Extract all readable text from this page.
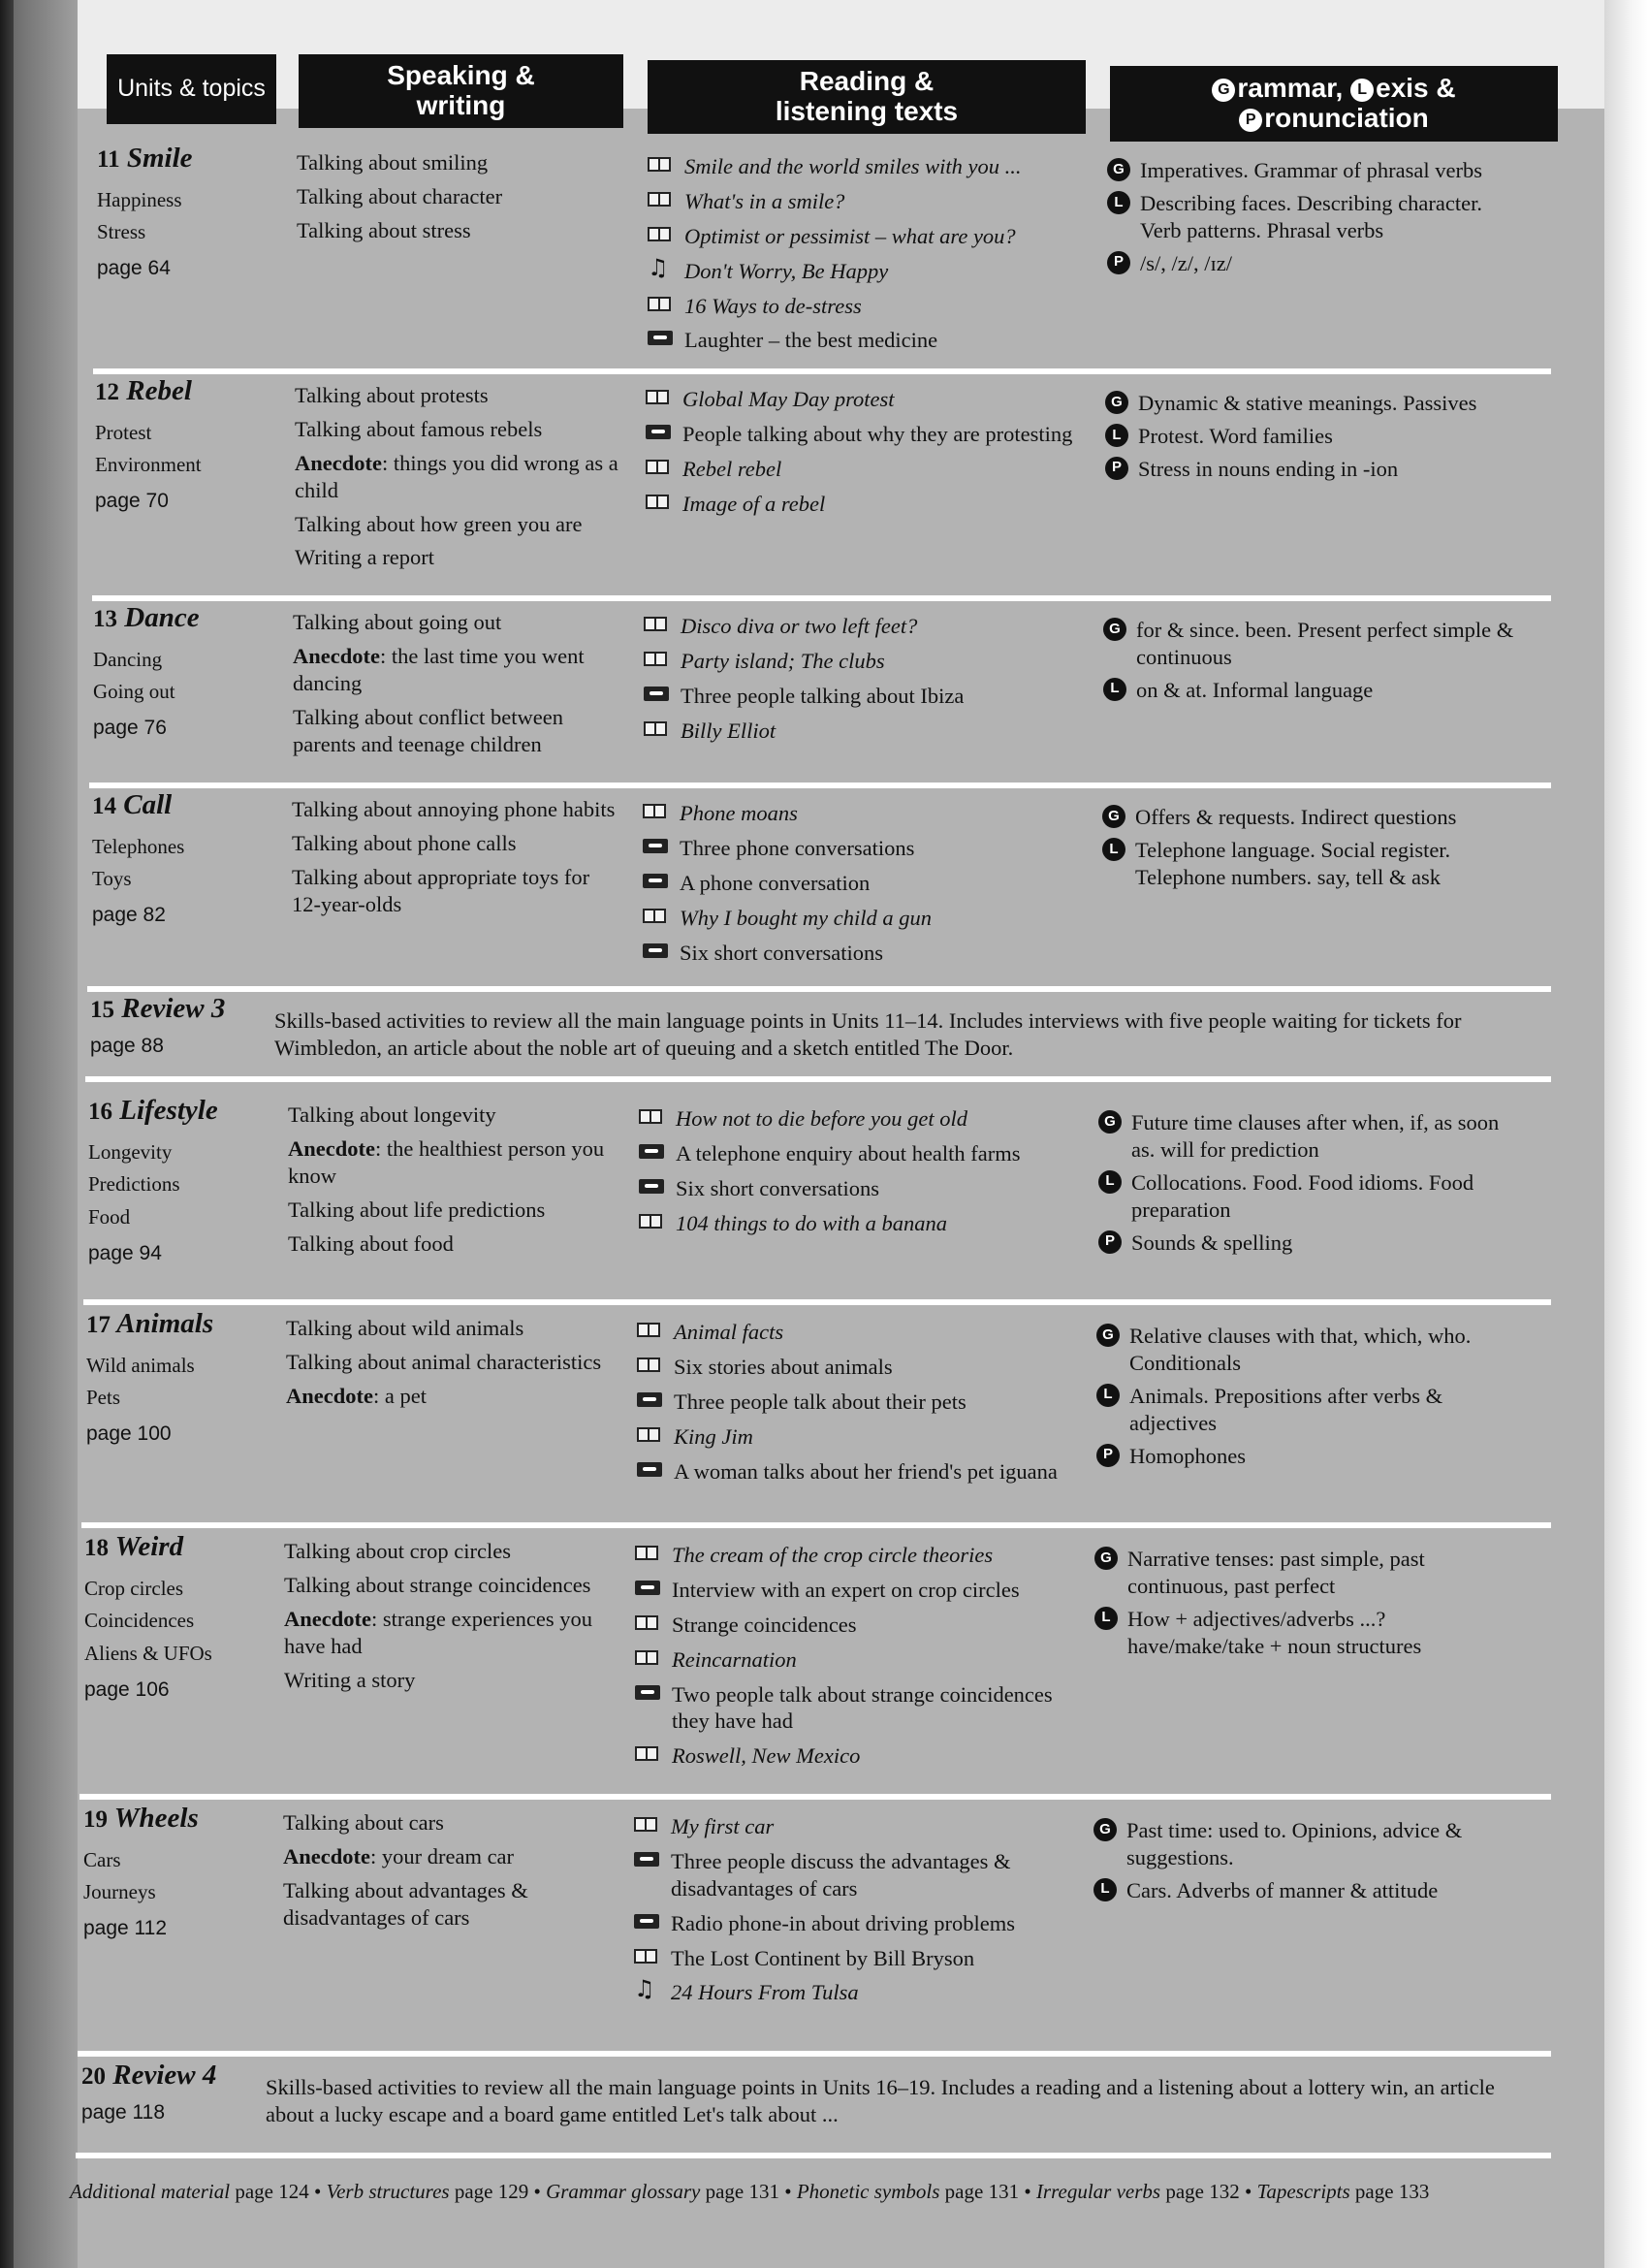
Units & topics	Speaking &
writing
Reading &
listening texts
G rammar, L exis &
P ronunciation
11 Smile
Happiness
Stress
page 64
Talking about smiling
Talking about character
Talking about stress
Smile and the world smiles with you ...
What's in a smile?
Optimist or pessimist – what are you?
♫ Don't Worry, Be Happy
16 Ways to de-stress
Laughter – the best medicine
G Imperatives. Grammar of phrasal verbs
L Describing faces. Describing character. Verb patterns. Phrasal verbs
P /s/, /z/, /ɪz/
12 Rebel
Protest
Environment
page 70
Talking about protests
Talking about famous rebels
Anecdote: things you did wrong as a child
Talking about how green you are
Writing a report
Global May Day protest
People talking about why they are protesting
Rebel rebel
Image of a rebel
G Dynamic & stative meanings. Passives
L Protest. Word families
P Stress in nouns ending in -ion
13 Dance
Dancing
Going out
page 76
Talking about going out
Anecdote: the last time you went dancing
Talking about conflict between parents and teenage children
Disco diva or two left feet?
Party island; The clubs
Three people talking about Ibiza
Billy Elliot
G for & since. been. Present perfect simple & continuous
L on & at. Informal language
14 Call
Telephones
Toys
page 82
Talking about annoying phone habits
Talking about phone calls
Talking about appropriate toys for 12-year-olds
Phone moans
Three phone conversations
A phone conversation
Why I bought my child a gun
Six short conversations
G Offers & requests. Indirect questions
L Telephone language. Social register. Telephone numbers. say, tell & ask
15 Review 3
page 88
Skills-based activities to review all the main language points in Units 11–14. Includes interviews with five people waiting for tickets for Wimbledon, an article about the noble art of queuing and a sketch entitled The Door.
16 Lifestyle
Longevity
Predictions
Food
page 94
Talking about longevity
Anecdote: the healthiest person you know
Talking about life predictions
Talking about food
How not to die before you get old
A telephone enquiry about health farms
Six short conversations
104 things to do with a banana
G Future time clauses after when, if, as soon as. will for prediction
L Collocations. Food. Food idioms. Food preparation
P Sounds & spelling
17 Animals
Wild animals
Pets
page 100
Talking about wild animals
Talking about animal characteristics
Anecdote: a pet
Animal facts
Six stories about animals
Three people talk about their pets
King Jim
A woman talks about her friend's pet iguana
G Relative clauses with that, which, who. Conditionals
L Animals. Prepositions after verbs & adjectives
P Homophones
18 Weird
Crop circles
Coincidences
Aliens & UFOs
page 106
Talking about crop circles
Talking about strange coincidences
Anecdote: strange experiences you have had
Writing a story
The cream of the crop circle theories
Interview with an expert on crop circles
Strange coincidences
Reincarnation
Two people talk about strange coincidences they have had
Roswell, New Mexico
G Narrative tenses: past simple, past continuous, past perfect
L How + adjectives/adverbs ...? have/make/take + noun structures
19 Wheels
Cars
Journeys
page 112
Talking about cars
Anecdote: your dream car
Talking about advantages & disadvantages of cars
My first car
Three people discuss the advantages & disadvantages of cars
Radio phone-in about driving problems
The Lost Continent by Bill Bryson
♫ 24 Hours From Tulsa
G Past time: used to. Opinions, advice & suggestions.
L Cars. Adverbs of manner & attitude
20 Review 4
page 118
Skills-based activities to review all the main language points in Units 16–19. Includes a reading and a listening about a lottery win, an article about a lucky escape and a board game entitled Let's talk about ...
Additional material page 124 • Verb structures page 129 • Grammar glossary page 131 • Phonetic symbols page 131 • Irregular verbs page 132 • Tapescripts page 133
